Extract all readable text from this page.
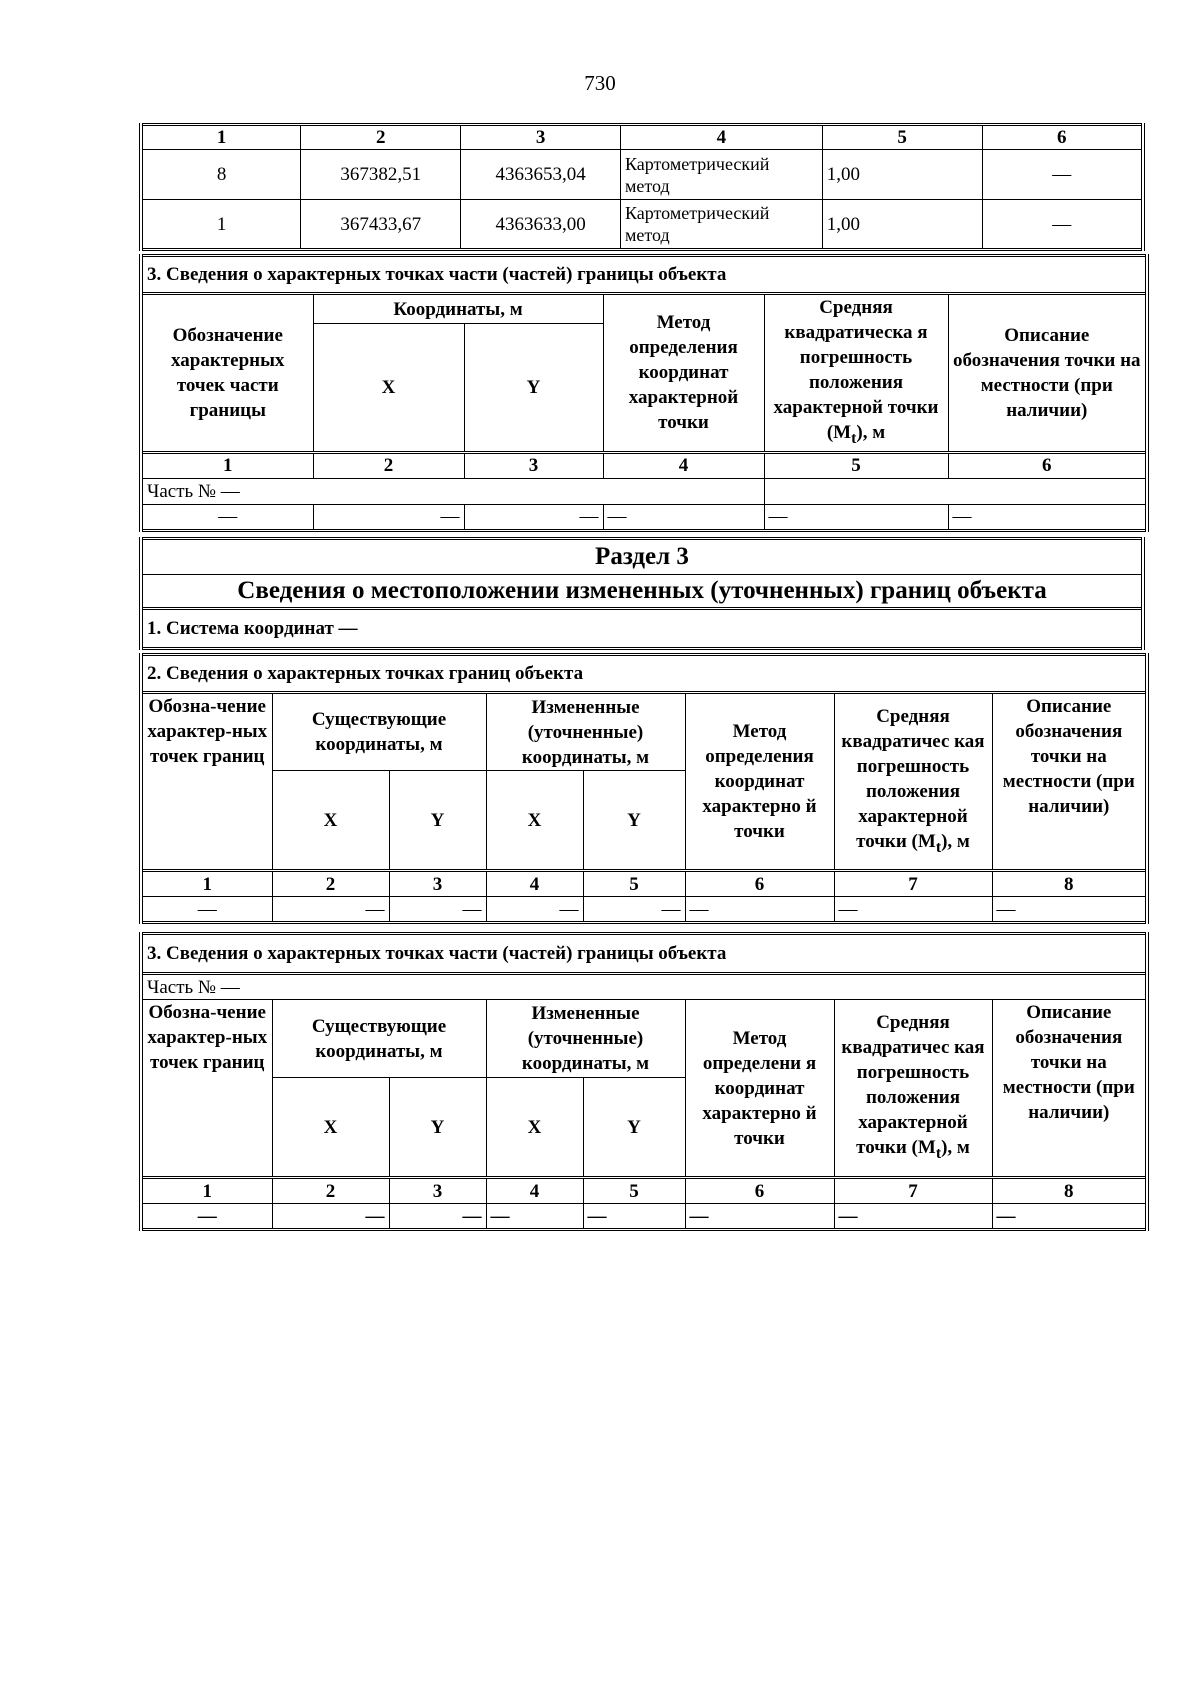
730
1	2	3	4	5	6
8	367382,51	4363653,04	Картометрический метод	1,00	—
1	367433,67	4363633,00	Картометрический метод	1,00	—
3. Сведения о характерных точках части (частей) границы объекта					
Обозначение характерных точек части границы	Координаты, м		Метод определения координат характерной точки	Средняя квадратическа я погрешность положения характерной точки $(M_t)$, м	Описание обозначения точки на местности (при наличии)
	X	Y			
1	2	3	4	5	6
Часть № —					
—	—	—	—	—	—
Раздел 3
Сведения о местоположении измененных (уточненных) границ объекта
1. Система координат —
2. Сведения о характерных точках границ объекта							
Обозна-чение характер-ных точек границ	Существующие координаты, м		Измененные (уточненные) координаты, м		Метод определения координат характерно й точки	Средняя квадратичес кая погрешность положения характерной точки $(M_t)$, м	Описание обозначения точки на местности (при наличии)
	X	Y	X	Y			
1	2	3	4	5	6	7	8
—	—	—	—	—	—	—	—
3. Сведения о характерных точках части (частей) границы объекта							
Часть № —							
Обозна-чение характер-ных точек границ	Существующие координаты, м		Измененные (уточненные) координаты, м		Метод определени я координат характерно й точки	Средняя квадратичес кая погрешность положения характерной точки $(M_t)$, м	Описание обозначения точки на местности (при наличии)
	X	Y	X	Y			
1	2	3	4	5	6	7	8
—	—	—	—	—	—	—	—
